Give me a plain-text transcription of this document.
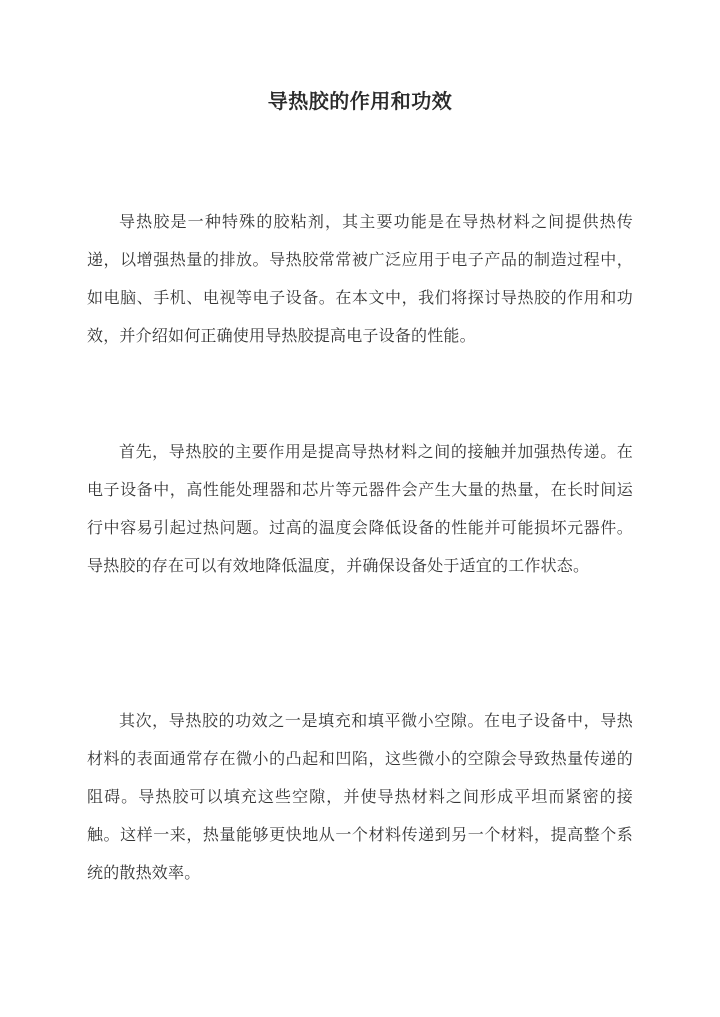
导热胶的作用和功效

导热胶是一种特殊的胶粘剂，其主要功能是在导热材料之间提供热传递，以增强热量的排放。导热胶常常被广泛应用于电子产品的制造过程中，如电脑、手机、电视等电子设备。在本文中，我们将探讨导热胶的作用和功效，并介绍如何正确使用导热胶提高电子设备的性能。

首先，导热胶的主要作用是提高导热材料之间的接触并加强热传递。在电子设备中，高性能处理器和芯片等元器件会产生大量的热量，在长时间运行中容易引起过热问题。过高的温度会降低设备的性能并可能损坏元器件。导热胶的存在可以有效地降低温度，并确保设备处于适宜的工作状态。

其次，导热胶的功效之一是填充和填平微小空隙。在电子设备中，导热材料的表面通常存在微小的凸起和凹陷，这些微小的空隙会导致热量传递的阻碍。导热胶可以填充这些空隙，并使导热材料之间形成平坦而紧密的接触。这样一来，热量能够更快地从一个材料传递到另一个材料，提高整个系统的散热效率。
